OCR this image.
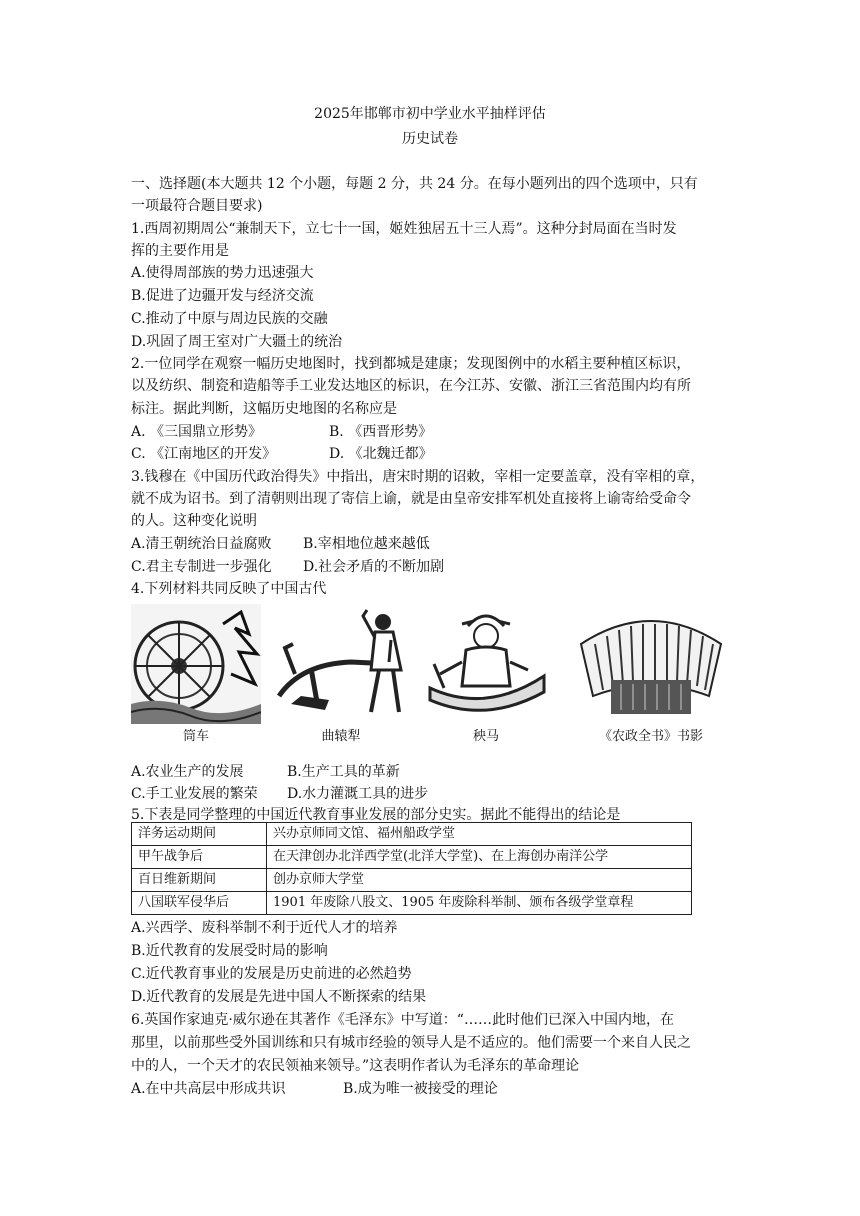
2025年邯郸市初中学业水平抽样评估
历史试卷
一、选择题(本大题共 12 个小题，每题 2 分，共 24 分。在每小题列出的四个选项中，只有
一项最符合题目要求)
1.西周初期周公“兼制天下，立七十一国，姬姓独居五十三人焉”。这种分封局面在当时发
挥的主要作用是
A.使得周部族的势力迅速强大
B.促进了边疆开发与经济交流
C.推动了中原与周边民族的交融
D.巩固了周王室对广大疆土的统治
2.一位同学在观察一幅历史地图时，找到都城是建康；发现图例中的水稻主要种植区标识，
以及纺织、制瓷和造船等手工业发达地区的标识，在今江苏、安徽、浙江三省范围内均有所
标注。据此判断，这幅历史地图的名称应是
A. 《三国鼎立形势》	B. 《西晋形势》
C. 《江南地区的开发》	D. 《北魏迁都》
3.钱穆在《中国历代政治得失》中指出，唐宋时期的诏敕，宰相一定要盖章，没有宰相的章，
就不成为诏书。到了清朝则出现了寄信上谕，就是由皇帝安排军机处直接将上谕寄给受命令
的人。这种变化说明
A.清王朝统治日益腐败 B.宰相地位越来越低
C.君主专制进一步强化 D.社会矛盾的不断加剧
4.下列材料共同反映了中国古代
筒车	曲辕犁	秧马	《农政全书》书影
A.农业生产的发展	B.生产工具的革新
C.手工业发展的繁荣 D.水力灌溉工具的进步
5.下表是同学整理的中国近代教育事业发展的部分史实。据此不能得出的结论是
洋务运动期间	兴办京师同文馆、福州船政学堂
甲午战争后	在天津创办北洋西学堂(北洋大学堂)、在上海创办南洋公学
百日维新期间	创办京师大学堂
八国联军侵华后	1901 年废除八股文、1905 年废除科举制、颁布各级学堂章程
A.兴西学、废科举制不利于近代人才的培养
B.近代教育的发展受时局的影响
C.近代教育事业的发展是历史前进的必然趋势
D.近代教育的发展是先进中国人不断探索的结果
6.英国作家迪克·威尔逊在其著作《毛泽东》中写道：“……此时他们已深入中国内地，在
那里，以前那些受外国训练和只有城市经验的领导人是不适应的。他们需要一个来自人民之
中的人，一个天才的农民领袖来领导。”这表明作者认为毛泽东的革命理论
A.在中共高层中形成共识	B.成为唯一被接受的理论
